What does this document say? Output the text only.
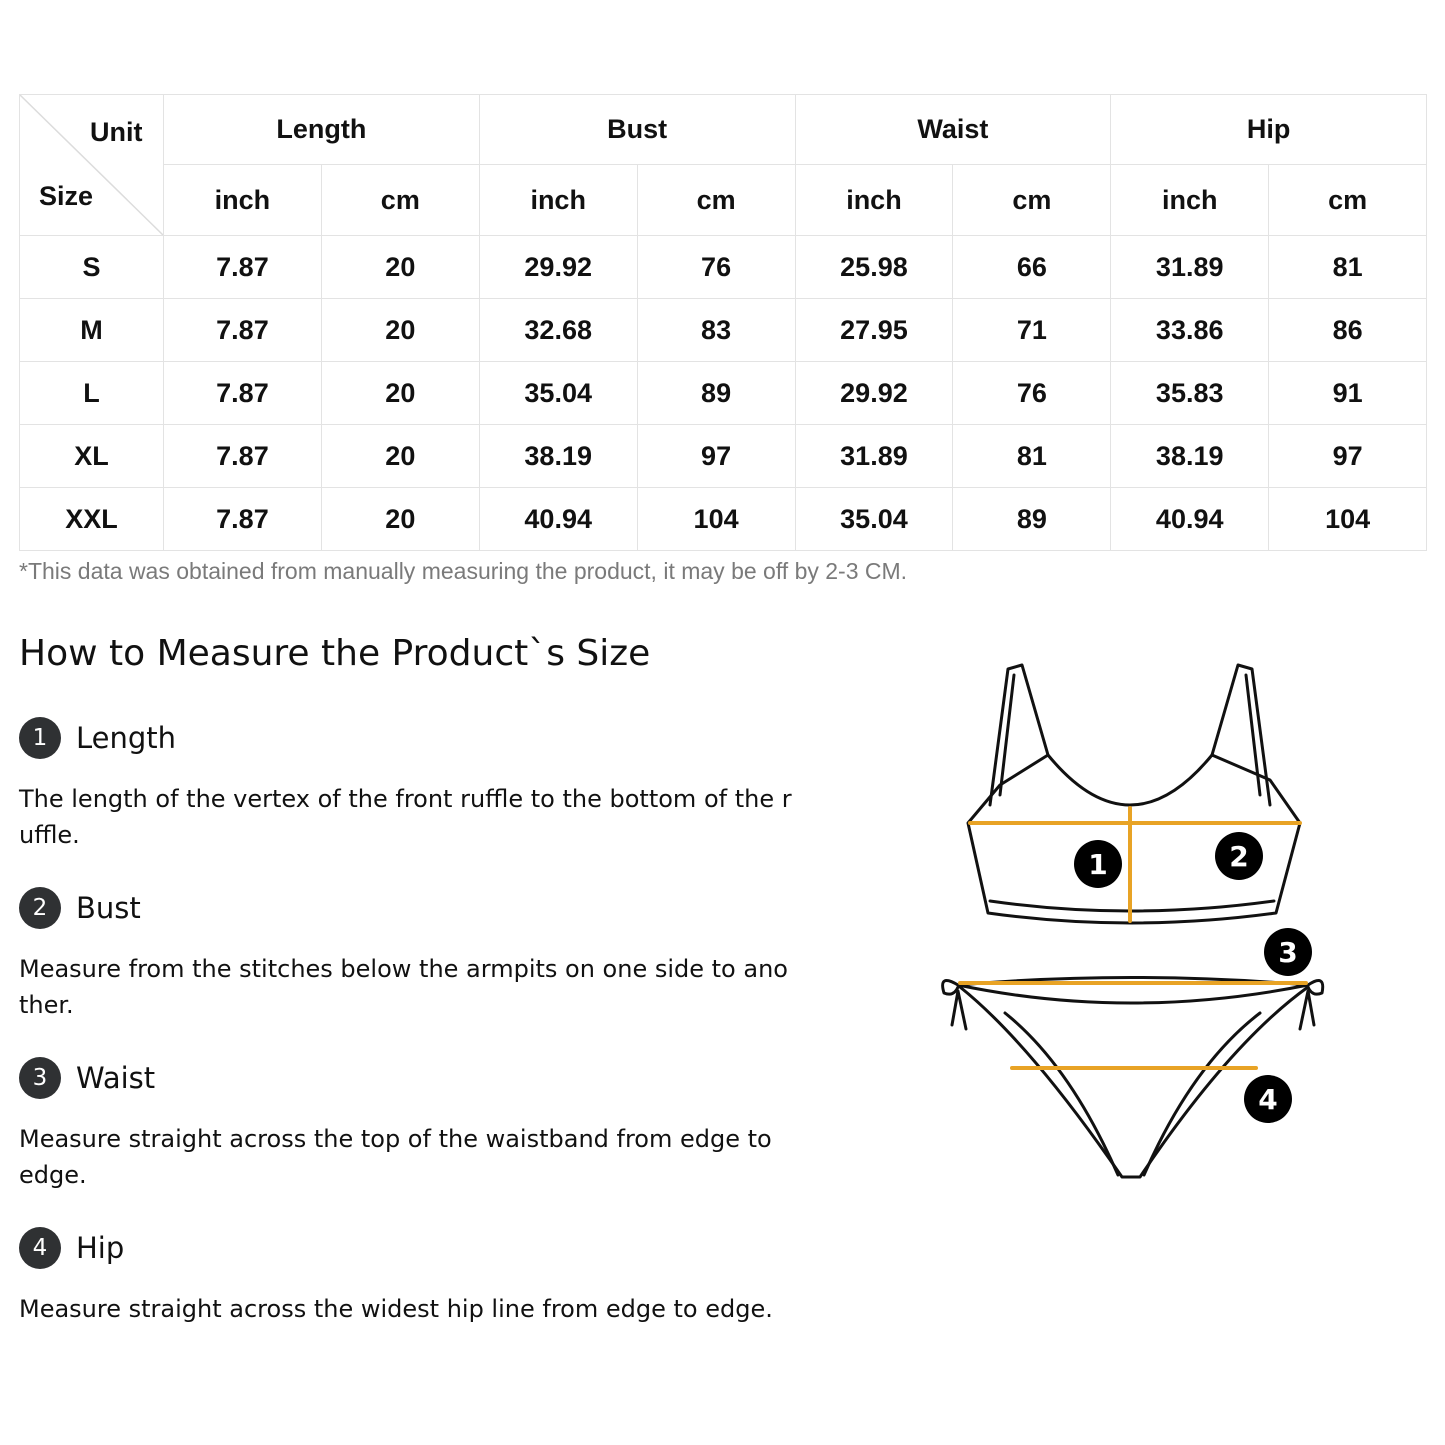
Unit
Size	Length		Bust		Waist		Hip	
	inch	cm	inch	cm	inch	cm	inch	cm
S	7.87	20	29.92	76	25.98	66	31.89	81
M	7.87	20	32.68	83	27.95	71	33.86	86
L	7.87	20	35.04	89	29.92	76	35.83	91
XL	7.87	20	38.19	97	31.89	81	38.19	97
XXL	7.87	20	40.94	104	35.04	89	40.94	104
*This data was obtained from manually measuring the product, it may be off by 2-3 CM.
How to Measure the Product`s Size
1 Length

The length of the vertex of the front ruffle to the bottom of the ruffle.

2 Bust

Measure from the stitches below the armpits on one side to another.

3 Waist

Measure straight across the top of the waistband from edge to edge.

4 Hip

Measure straight across the widest hip line from edge to edge.

1	2
3
4
